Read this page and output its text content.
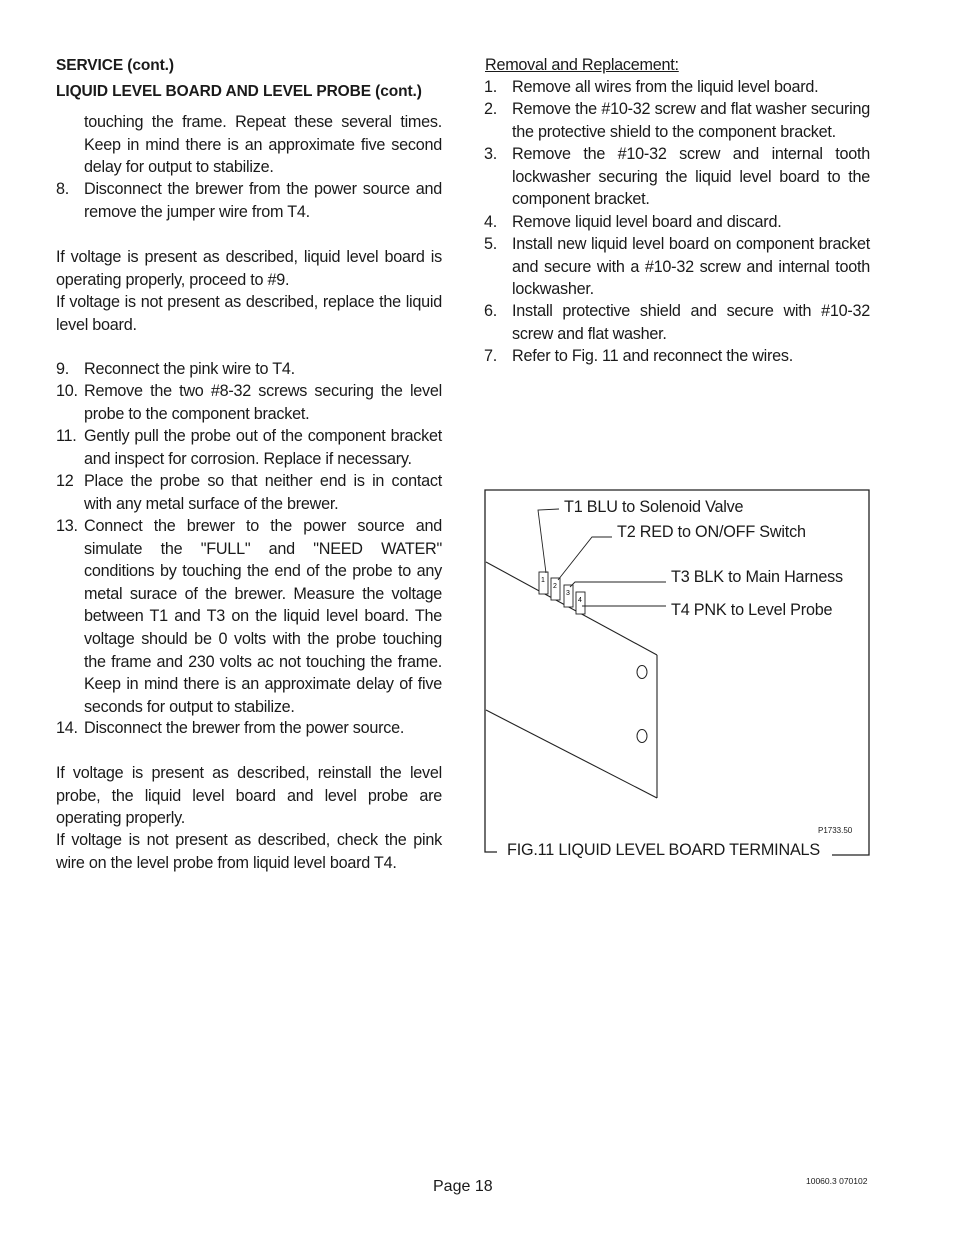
SERVICE (cont.)
LIQUID LEVEL BOARD AND LEVEL PROBE (cont.)
touching the frame. Repeat these several times. Keep in mind there is an approximate five second delay for output to stabilize.
8. Disconnect the brewer from the power source and remove the jumper wire from T4.
If voltage is present as described, liquid level board is operating properly, proceed to #9.
If voltage is not present as described, replace the liquid level board.
9. Reconnect the pink wire to T4.
10. Remove the two #8-32 screws securing the level probe to the component bracket.
11. Gently pull the probe out of the component bracket and inspect for corrosion. Replace if necessary.
12 Place the probe so that neither end is in contact with any metal surface of the brewer.
13. Connect the brewer to the power source and simulate the "FULL" and "NEED WATER" conditions by touching the end of the probe to any metal surace of the brewer. Measure the voltage between T1 and T3 on the liquid level board. The voltage should be 0 volts with the probe touching the frame and 230 volts ac not touching the frame. Keep in mind there is an approximate delay of five seconds for output to stabilize.
14. Disconnect the brewer from the power source.
If voltage is present as described, reinstall the level probe, the liquid level board and level probe are operating properly.
If voltage is not present as described, check the pink wire on the level probe from liquid level board T4.
Removal and Replacement:
1. Remove all wires from the liquid level board.
2. Remove the #10-32 screw and flat washer securing the protective shield to the component bracket.
3. Remove the #10-32 screw and internal tooth lockwasher securing the liquid level board to the component bracket.
4. Remove liquid level board and discard.
5. Install new liquid level board on component bracket and secure with a #10-32 screw and internal tooth lockwasher.
6. Install protective shield and secure with #10-32 screw and flat washer.
7. Refer to Fig. 11 and reconnect the wires.
1
2
3
4
T1 BLU to Solenoid Valve
T2 RED to ON/OFF Switch
T3 BLK to Main Harness
T4 PNK to Level Probe
P1733.50
FIG.11 LIQUID LEVEL BOARD TERMINALS
Page 18	10060.3 070102
